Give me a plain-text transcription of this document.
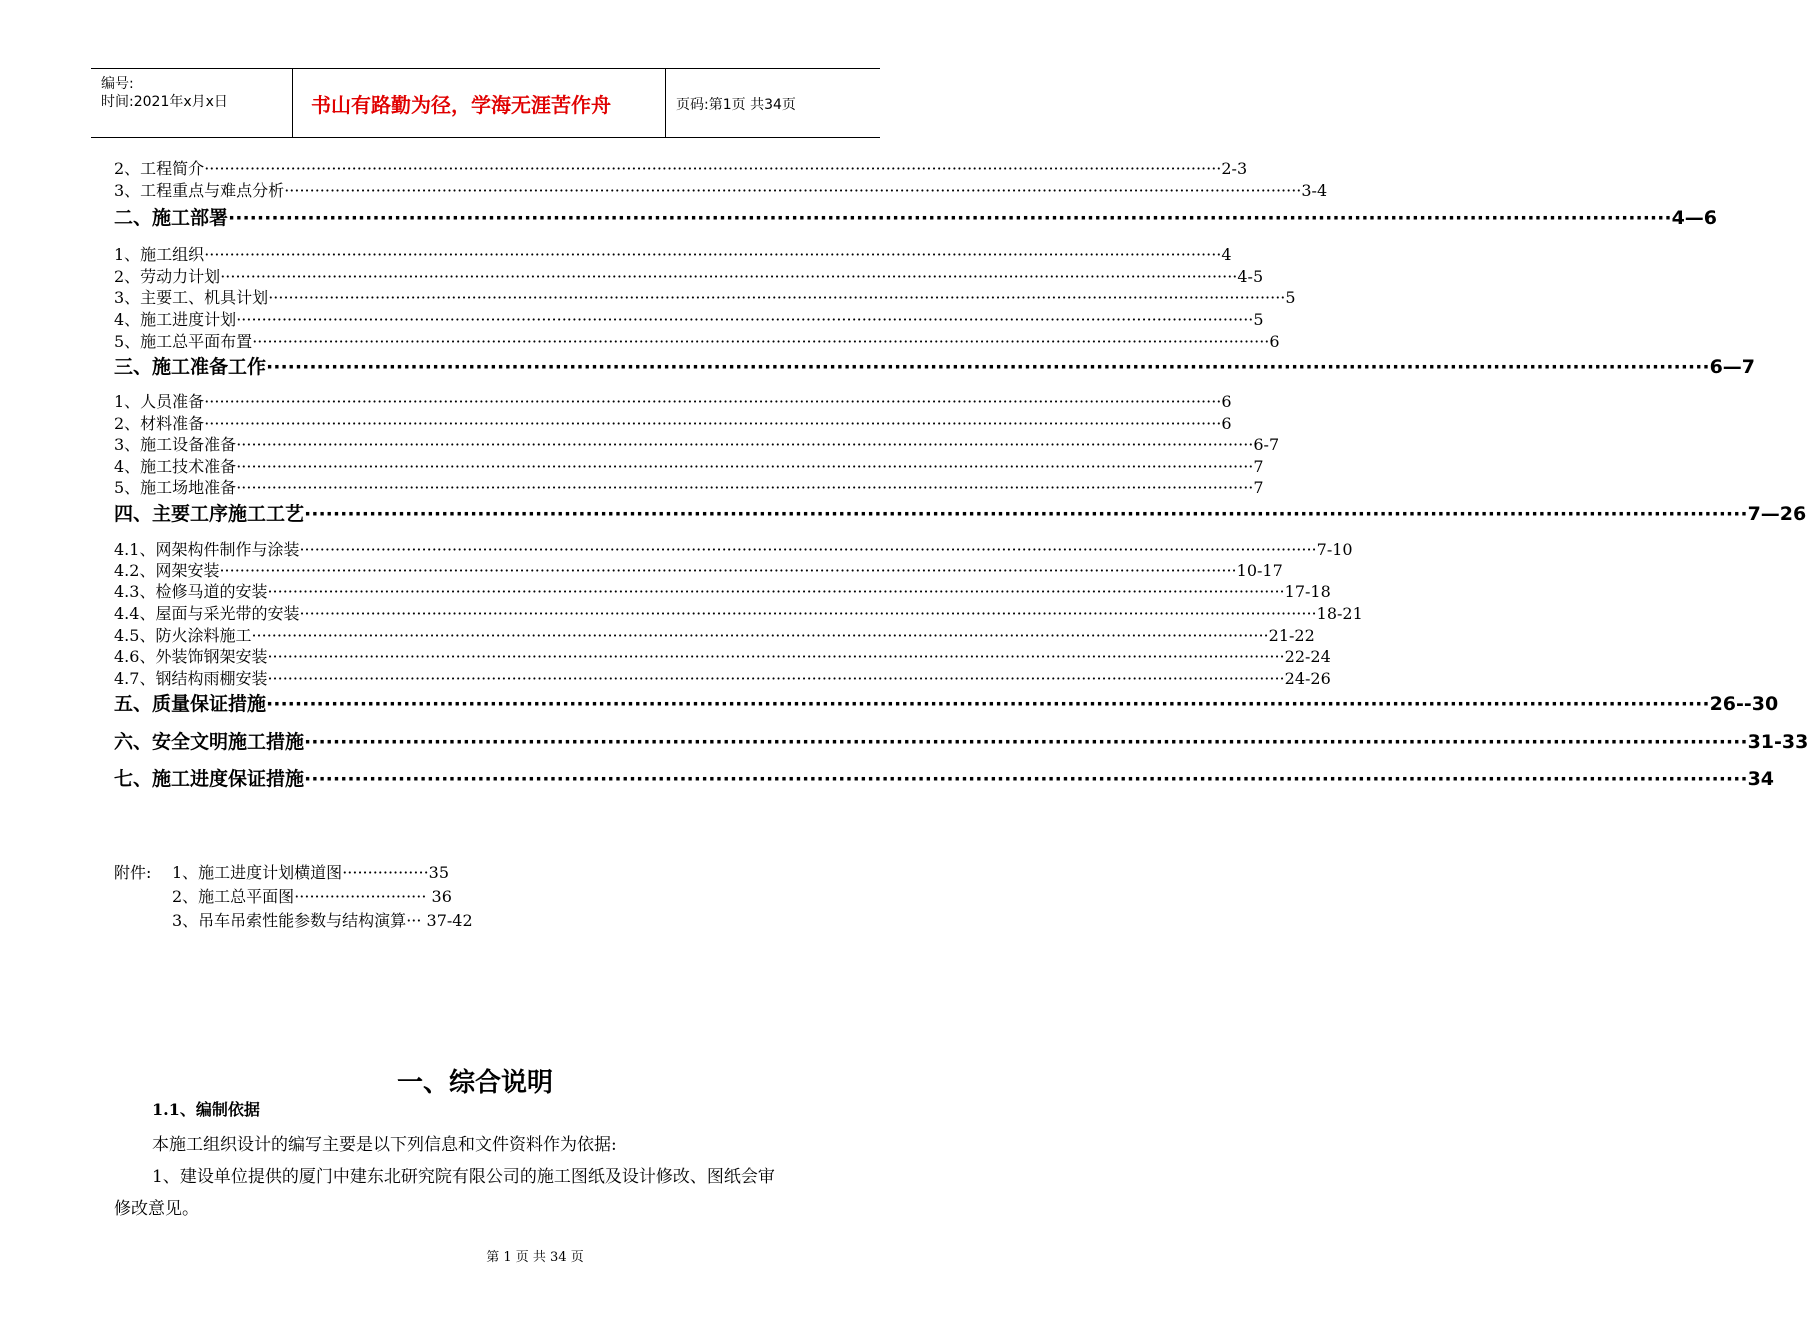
编号:
时间:2021年x月x日	书山有路勤为径，学海无涯苦作舟	页码:第1页 共34页
2、工程简介 ········································································································································································································ 2-3
3、工程重点与难点分析 ········································································································································································································ 3-4
二、施工部署 ········································································································································································································ 4—6
1、施工组织 ········································································································································································································ 4
2、劳动力计划 ········································································································································································································ 4-5
3、主要工、机具计划 ········································································································································································································ 5
4、施工进度计划 ········································································································································································································ 5
5、施工总平面布置 ········································································································································································································ 6
三、施工准备工作 ········································································································································································································ 6—7
1、人员准备 ········································································································································································································ 6
2、材料准备 ········································································································································································································ 6
3、施工设备准备 ········································································································································································································ 6-7
4、施工技术准备 ········································································································································································································ 7
5、施工场地准备 ········································································································································································································ 7
四、主要工序施工工艺 ········································································································································································································ 7—26
4.1、网架构件制作与涂装 ········································································································································································································ 7-10
4.2、网架安装 ········································································································································································································ 10-17
4.3、检修马道的安装 ········································································································································································································ 17-18
4.4、屋面与采光带的安装 ········································································································································································································ 18-21
4.5、防火涂料施工 ········································································································································································································ 21-22
4.6、外装饰钢架安装 ········································································································································································································ 22-24
4.7、钢结构雨棚安装 ········································································································································································································ 24-26
五、质量保证措施 ········································································································································································································ 26--30
六、安全文明施工措施 ········································································································································································································ 31-33
七、施工进度保证措施 ········································································································································································································ 34
附件: 1、施工进度计划横道图·················35
2、施工总平面图·························· 36
3、吊车吊索性能参数与结构演算··· 37-42
一、综合说明
1.1、编制依据
本施工组织设计的编写主要是以下列信息和文件资料作为依据:
1、建设单位提供的厦门中建东北研究院有限公司的施工图纸及设计修改、图纸会审
修改意见。
第 1 页 共 34 页
